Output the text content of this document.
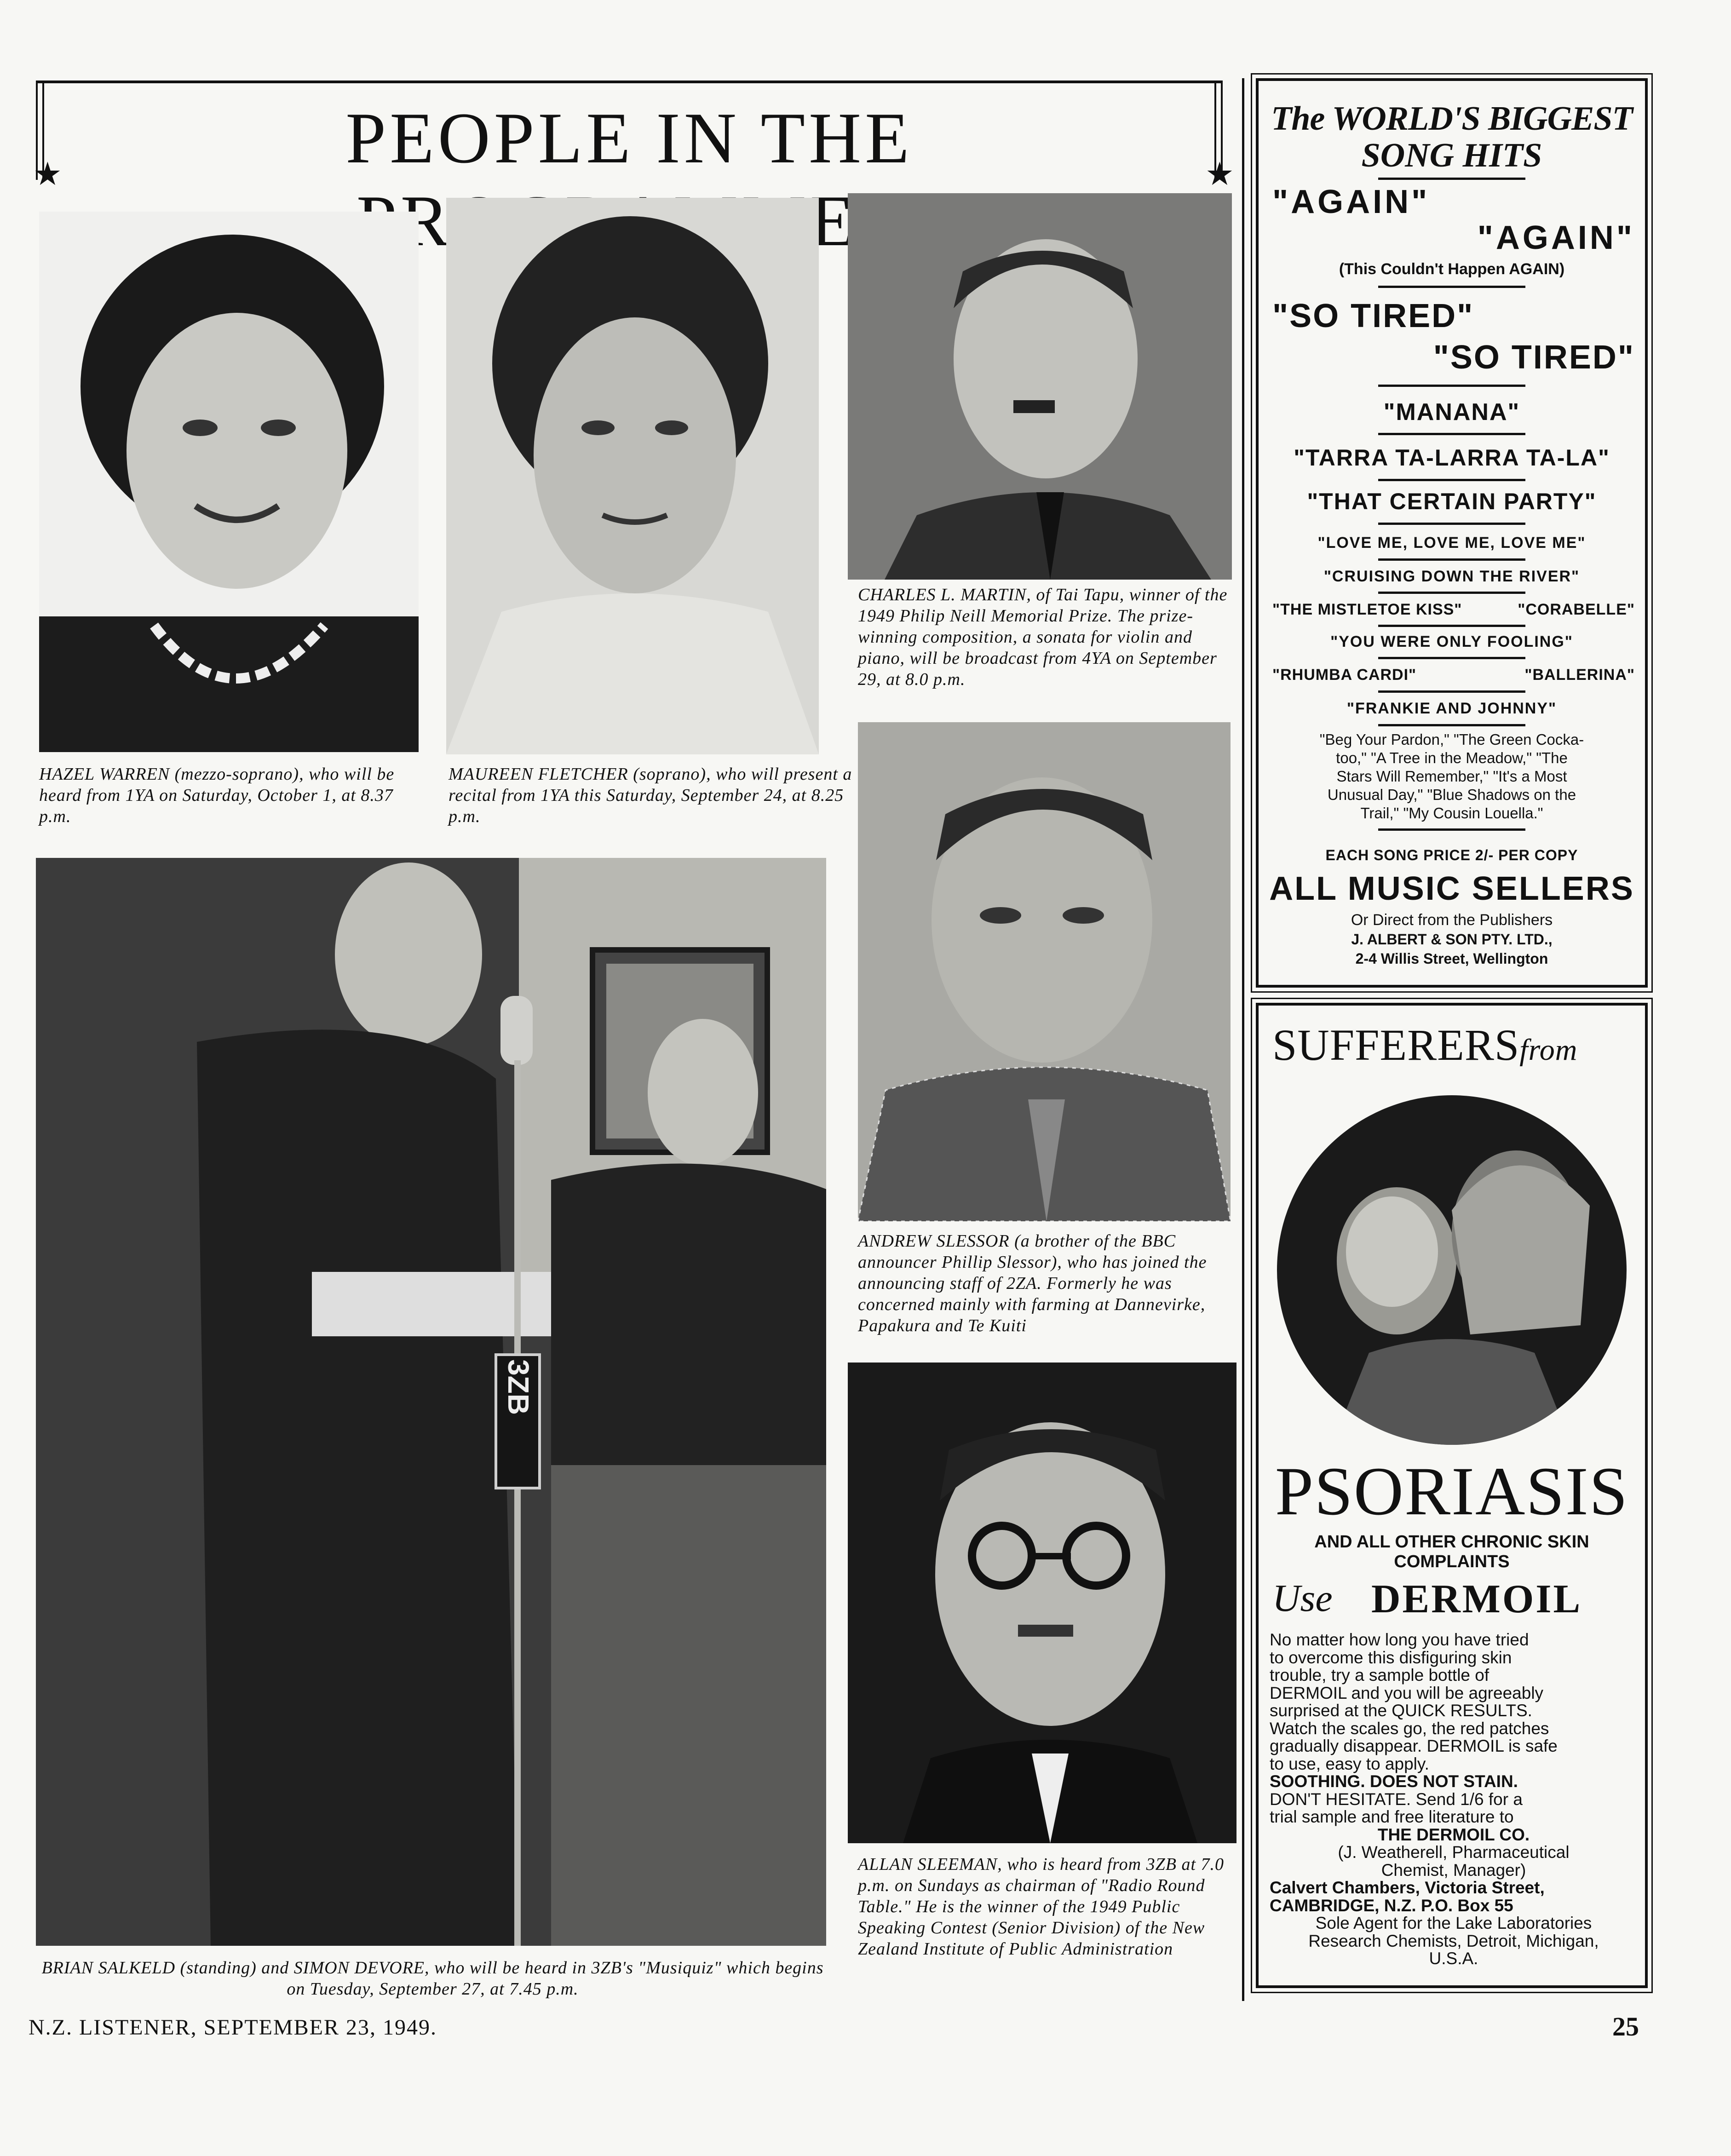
PEOPLE IN THE
★	★
HAZEL WARREN (mezzo-soprano), who will be heard from 1YA on Saturday, October 1, at 8.37 p.m.
MAUREEN FLETCHER (soprano), who will present a recital from 1YA this Saturday, September 24, at 8.25 p.m.
CHARLES L. MARTIN, of Tai Tapu, winner of the 1949 Philip Neill Memorial Prize. The prize-winning composition, a sonata for violin and piano, will be broadcast from 4YA on September 29, at 8.0 p.m.
3ZB
BRIAN SALKELD (standing) and SIMON DEVORE, who will be heard in 3ZB's "Musiquiz" which begins on Tuesday, September 27, at 7.45 p.m.
ANDREW SLESSOR (a brother of the BBC announcer Phillip Slessor), who has joined the announcing staff of 2ZA. Formerly he was concerned mainly with farming at Dannevirke, Papakura and Te Kuiti
ALLAN SLEEMAN, who is heard from 3ZB at 7.0 p.m. on Sundays as chairman of "Radio Round Table." He is the winner of the 1949 Public Speaking Contest (Senior Division) of the New Zealand Institute of Public Administration
The WORLD'S BIGGEST
SONG HITS
"AGAIN"
"AGAIN"
(This Couldn't Happen AGAIN)
"SO TIRED"
"SO TIRED"
"MANANA"
"TARRA TA-LARRA TA-LA"
"THAT CERTAIN PARTY"
"LOVE ME, LOVE ME, LOVE ME"
"CRUISING DOWN THE RIVER"
"THE MISTLETOE KISS"	"CORABELLE"
"YOU WERE ONLY FOOLING"
"RHUMBA CARDI"	"BALLERINA"
"FRANKIE AND JOHNNY"
"Beg Your Pardon," "The Green Cocka-
too," "A Tree in the Meadow," "The
Stars Will Remember," "It's a Most
Unusual Day," "Blue Shadows on the
Trail," "My Cousin Louella."
EACH SONG PRICE 2/- PER COPY
ALL MUSIC SELLERS
Or Direct from the Publishers
J. ALBERT & SON PTY. LTD.,
2-4 Willis Street, Wellington
SUFFERERSfrom
PSORIASIS
AND ALL OTHER CHRONIC SKIN
COMPLAINTS
Use DERMOIL
No matter how long you have tried
to overcome this disfiguring skin
trouble, try a sample bottle of
DERMOIL and you will be agreeably
surprised at the QUICK RESULTS.
Watch the scales go, the red patches
gradually disappear. DERMOIL is safe
to use, easy to apply.
SOOTHING. DOES NOT STAIN.
DON'T HESITATE. Send 1/6 for a
trial sample and free literature to
THE DERMOIL CO.
(J. Weatherell, Pharmaceutical
Chemist, Manager)
Calvert Chambers, Victoria Street,
CAMBRIDGE, N.Z. P.O. Box 55
Sole Agent for the Lake Laboratories
Research Chemists, Detroit, Michigan,
U.S.A.
N.Z. LISTENER, SEPTEMBER 23, 1949.	25
